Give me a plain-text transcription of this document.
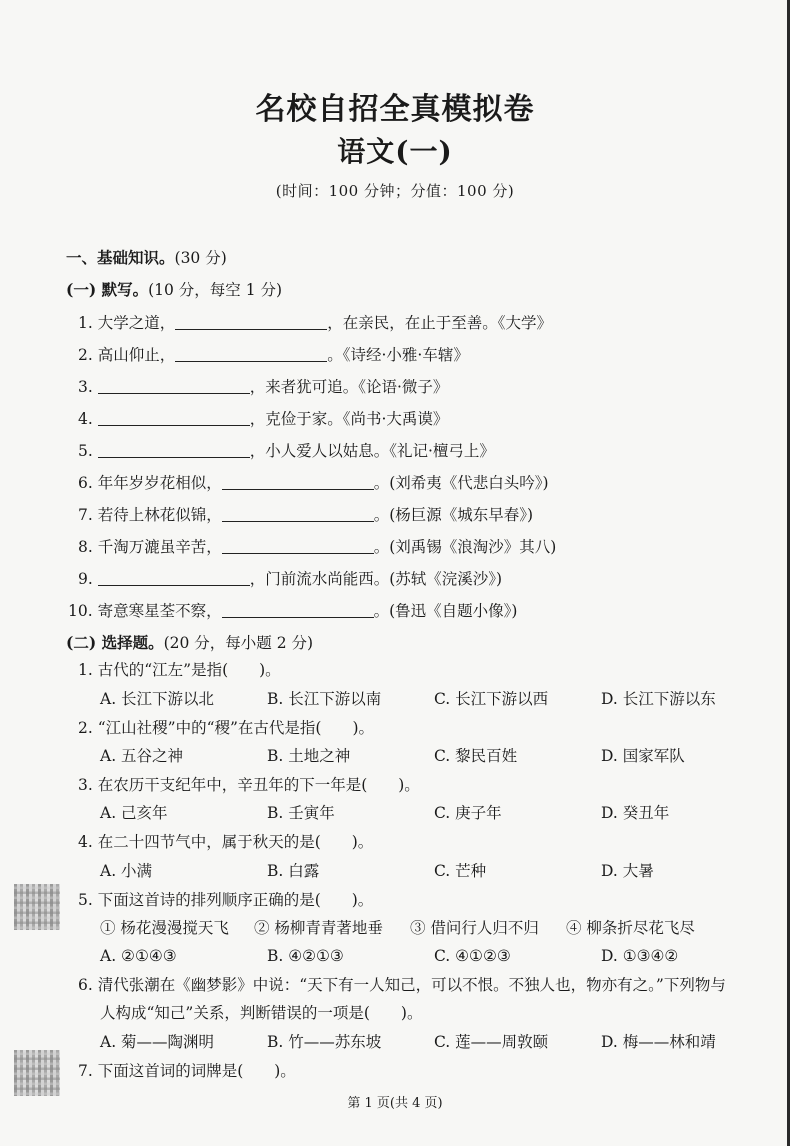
名校自招全真模拟卷
语文(一)
(时间：100 分钟；分值：100 分)
一、基础知识。(30 分)
(一) 默写。(10 分，每空 1 分)
1. 大学之道，	，在亲民，在止于至善。《大学》
2. 高山仰止，	。《诗经·小雅·车辖》
3.	，来者犹可追。《论语·微子》
4.	，克俭于家。《尚书·大禹谟》
5.	，小人爱人以姑息。《礼记·檀弓上》
6. 年年岁岁花相似，	。(刘希夷《代悲白头吟》)
7. 若待上林花似锦，	。(杨巨源《城东早春》)
8. 千淘万漉虽辛苦，	。(刘禹锡《浪淘沙》其八)
9.	，门前流水尚能西。(苏轼《浣溪沙》)
10. 寄意寒星荃不察，	。(鲁迅《自题小像》)
(二) 选择题。(20 分，每小题 2 分)
1. 古代的“江左”是指(　　)。
A. 长江下游以北	B. 长江下游以南	C. 长江下游以西	D. 长江下游以东
2. “江山社稷”中的“稷”在古代是指(　　)。
A. 五谷之神	B. 土地之神	C. 黎民百姓	D. 国家军队
3. 在农历干支纪年中，辛丑年的下一年是(　　)。
A. 己亥年	B. 壬寅年	C. 庚子年	D. 癸丑年
4. 在二十四节气中，属于秋天的是(　　)。
A. 小满	B. 白露	C. 芒种	D. 大暑
5. 下面这首诗的排列顺序正确的是(　　)。
① 杨花漫漫搅天飞 ② 杨柳青青著地垂 ③ 借问行人归不归 ④ 柳条折尽花飞尽
A. ②①④③	B. ④②①③	C. ④①②③	D. ①③④②
6. 清代张潮在《幽梦影》中说：“天下有一人知己，可以不恨。不独人也，物亦有之。”下列物与
人构成“知己”关系，判断错误的一项是(　　)。
A. 菊——陶渊明	B. 竹——苏东坡	C. 莲——周敦颐	D. 梅——林和靖
7. 下面这首词的词牌是(　　)。
第 1 页(共 4 页)
